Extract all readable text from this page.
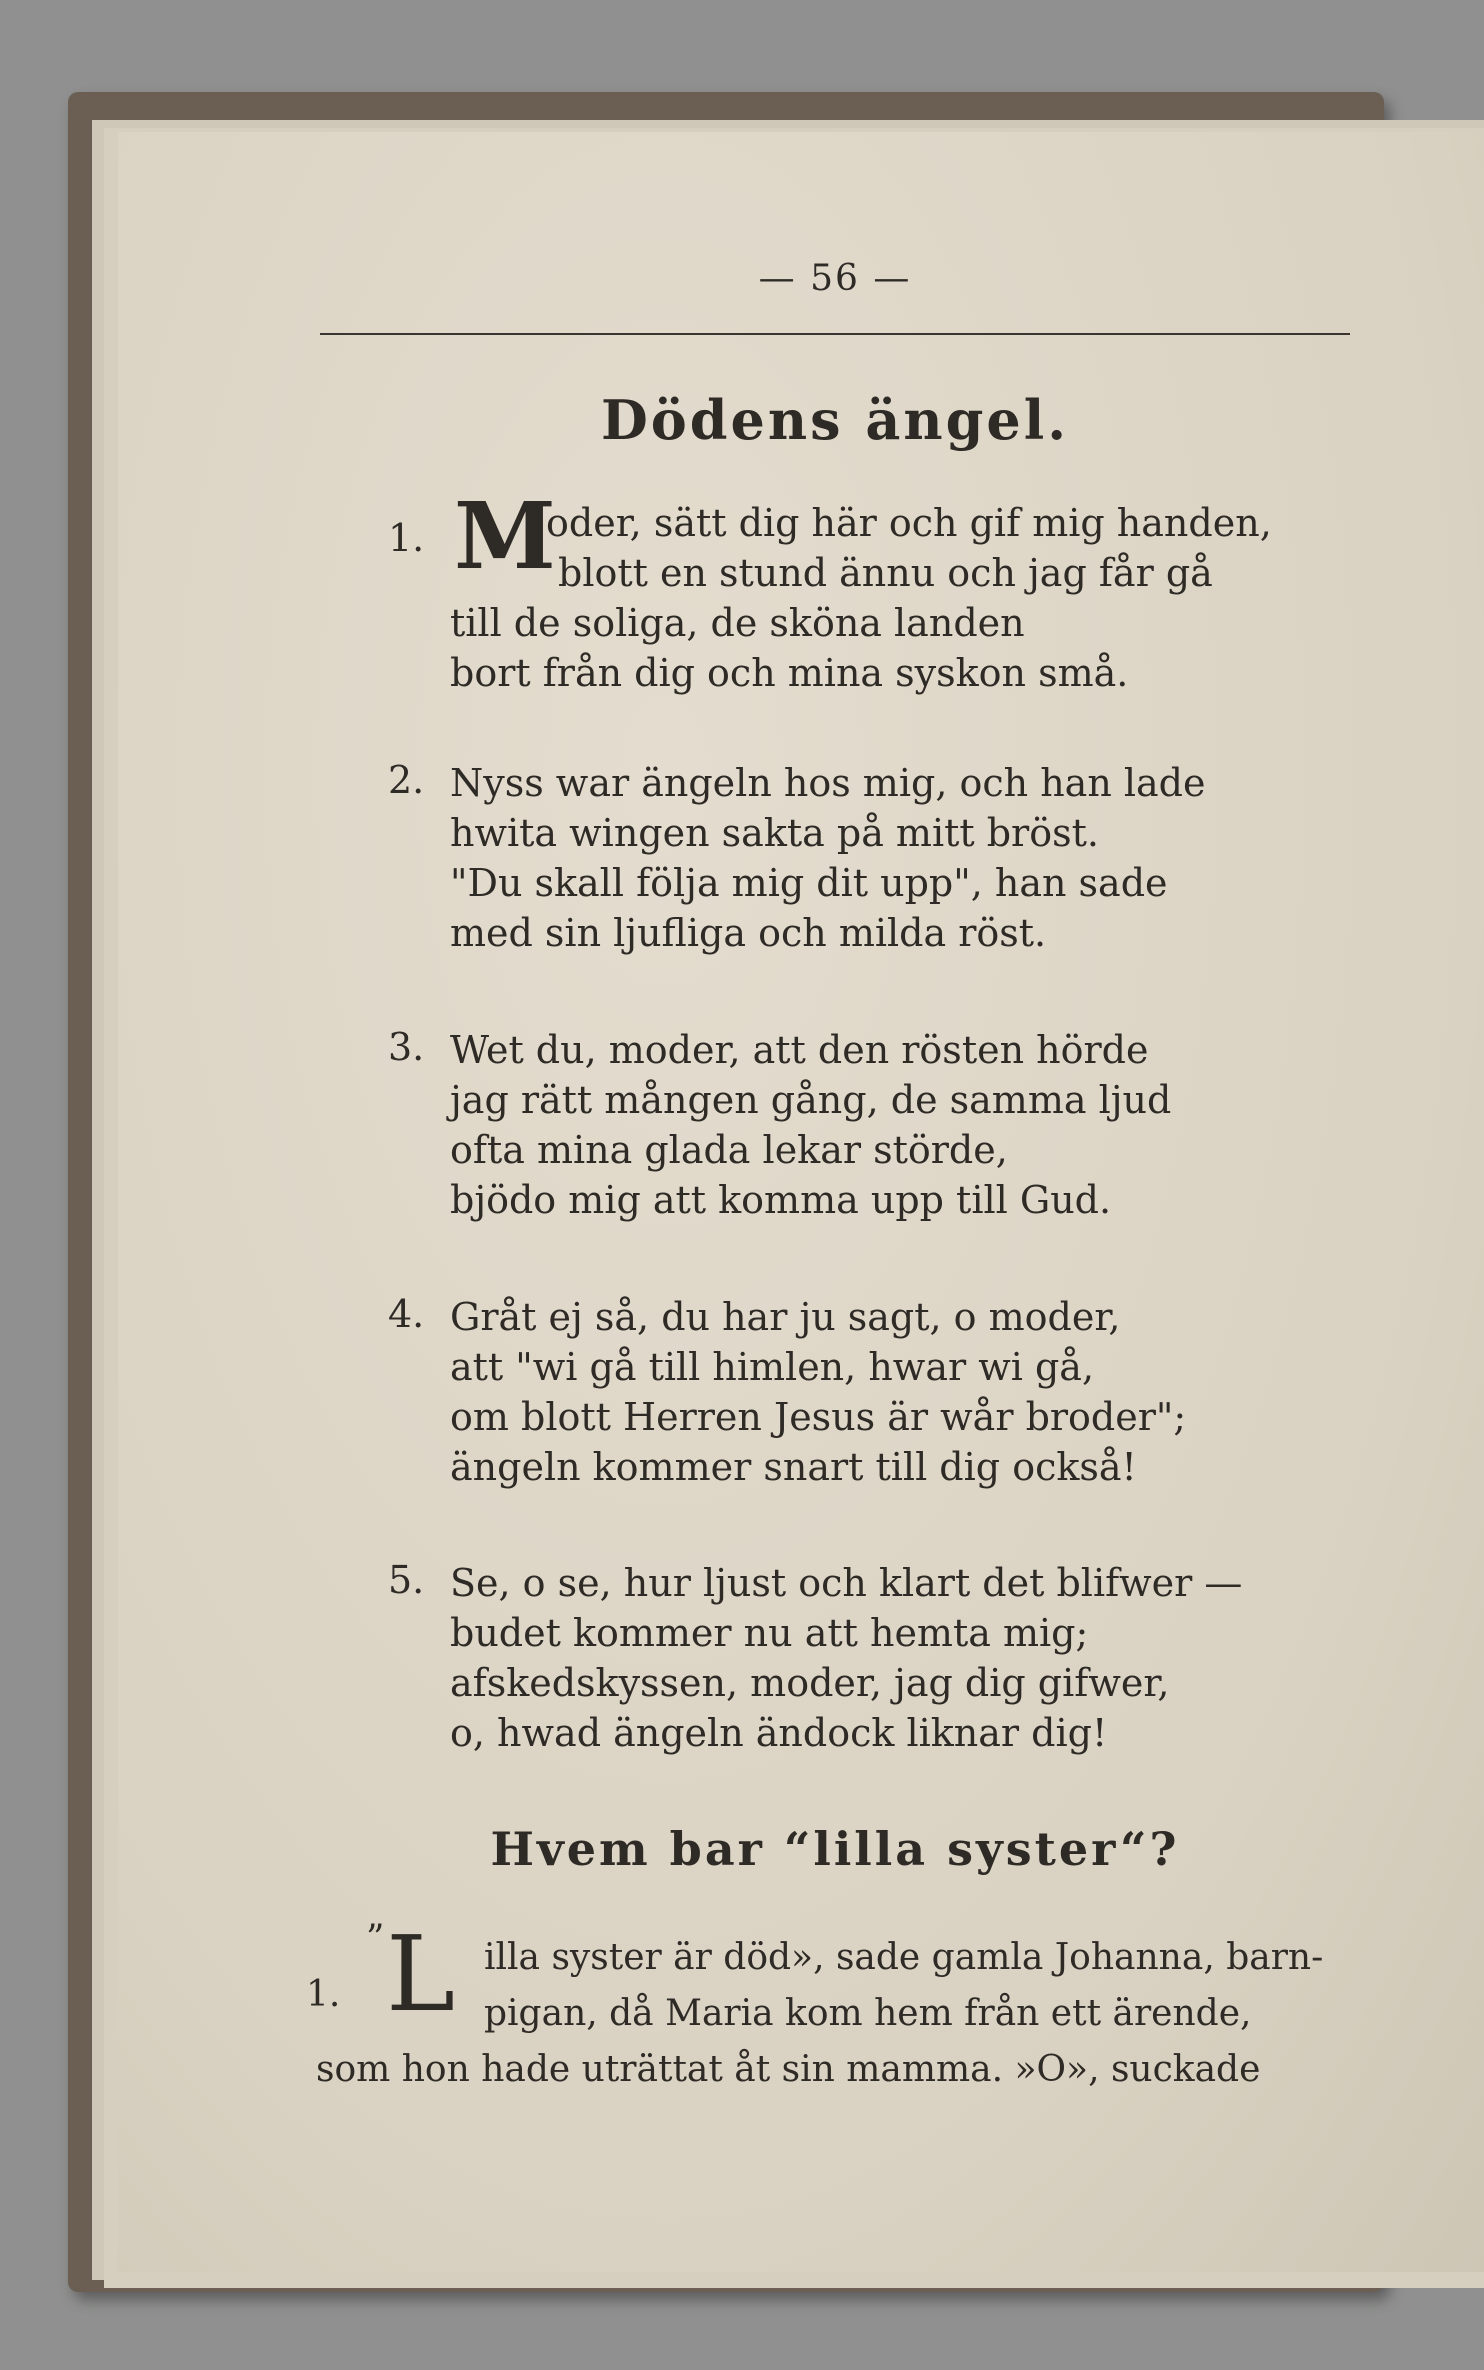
— 56 —
Dödens ängel.
1. M
oder, sätt dig här och gif mig handen,
blott en stund ännu och jag får gå
till de soliga, de sköna landen
bort från dig och mina syskon små.
2. Nyss war ängeln hos mig, och han lade
hwita wingen sakta på mitt bröst.
"Du skall följa mig dit upp", han sade
med sin ljufliga och milda röst.
3. Wet du, moder, att den rösten hörde
jag rätt mången gång, de samma ljud
ofta mina glada lekar störde,
bjödo mig att komma upp till Gud.
4. Gråt ej så, du har ju sagt, o moder,
att "wi gå till himlen, hwar wi gå,
om blott Herren Jesus är wår broder";
ängeln kommer snart till dig också!
5. Se, o se, hur ljust och klart det blifwer —
budet kommer nu att hemta mig;
afskedskyssen, moder, jag dig gifwer,
o, hwad ängeln ändock liknar dig!
Hvem bar “lilla syster“?
1.
” L illa syster är död», sade gamla Johanna, barn-
pigan, då Maria kom hem från ett ärende,
som hon hade uträttat åt sin mamma. »O», suckade
